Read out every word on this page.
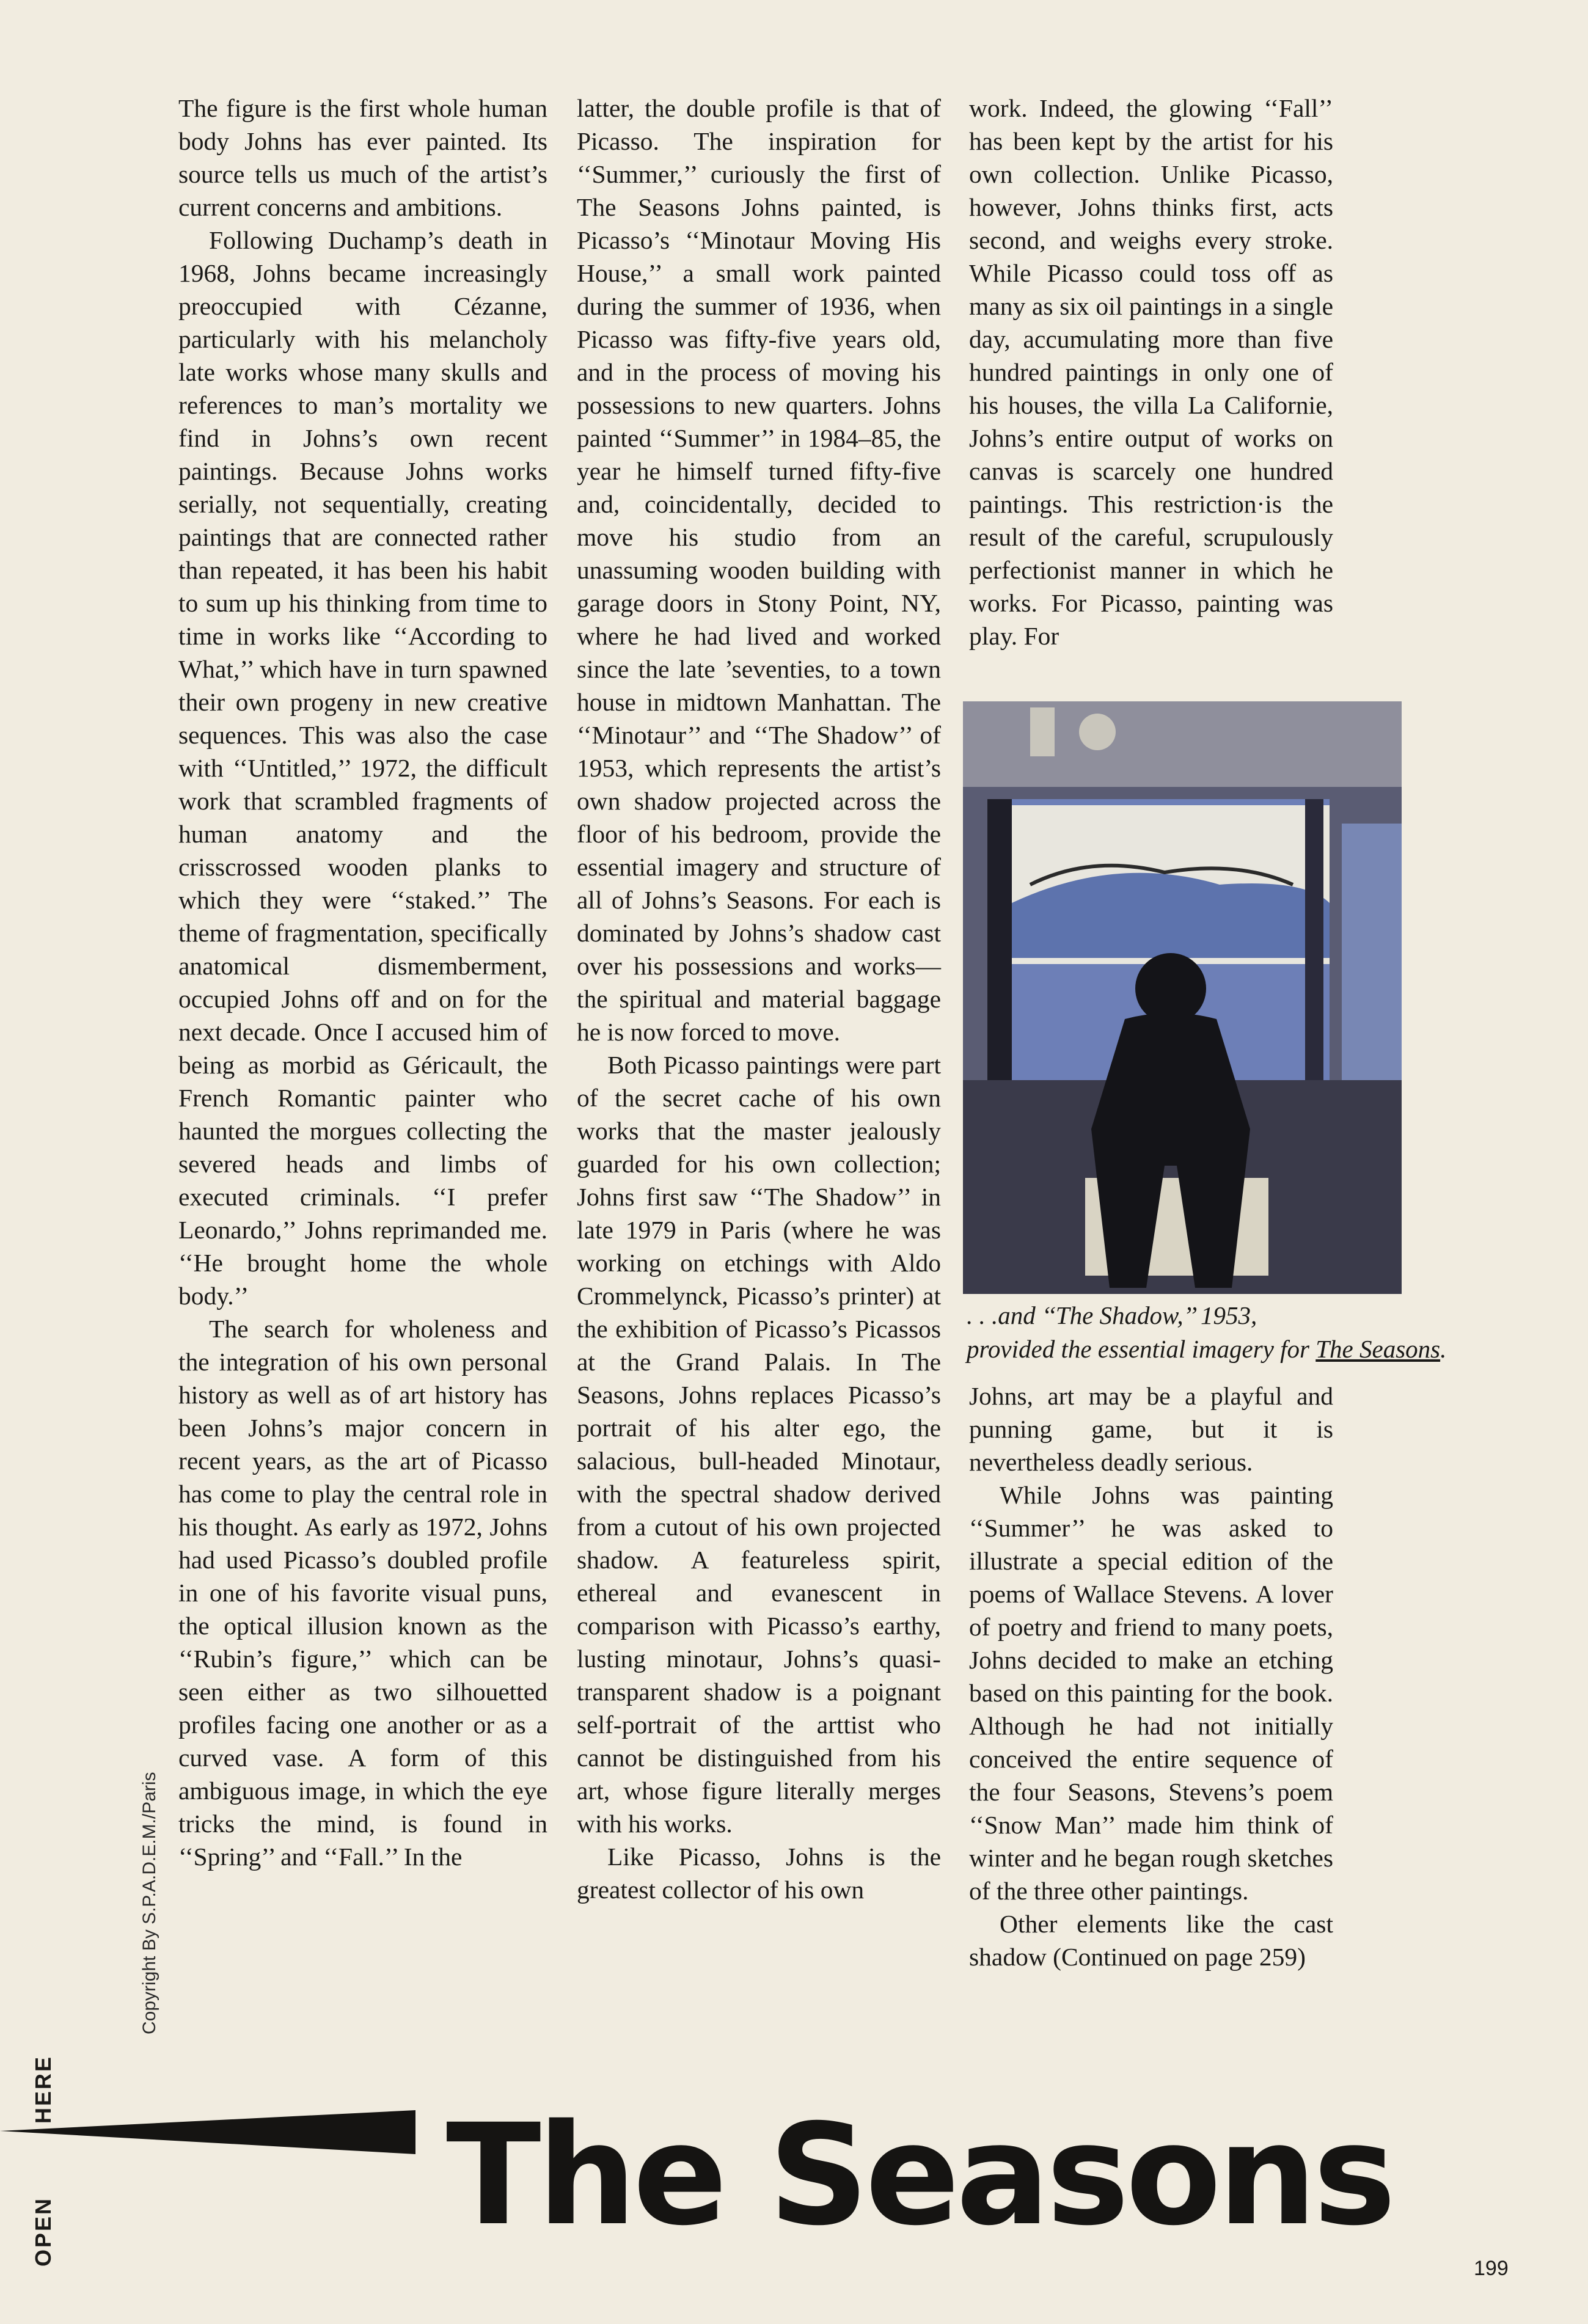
The figure is the first whole human body Johns has ever painted. Its source tells us much of the artist’s current concerns and ambitions.

Following Duchamp’s death in 1968, Johns became increasingly preoccupied with Cézanne, particularly with his melancholy late works whose many skulls and references to man’s mortality we find in Johns’s own recent paintings. Because Johns works serially, not sequentially, creating paintings that are connected rather than repeated, it has been his habit to sum up his thinking from time to time in works like ‘‘According to What,’’ which have in turn spawned their own progeny in new creative sequences. This was also the case with ‘‘Untitled,’’ 1972, the difficult work that scrambled fragments of human anatomy and the crisscrossed wooden planks to which they were ‘‘staked.’’ The theme of fragmentation, specifically anatomical dismemberment, occupied Johns off and on for the next decade. Once I accused him of being as morbid as Géricault, the French Romantic painter who haunted the morgues collecting the severed heads and limbs of executed criminals. ‘‘I prefer Leonardo,’’ Johns reprimanded me. ‘‘He brought home the whole body.’’

The search for wholeness and the integration of his own personal history as well as of art history has been Johns’s major concern in recent years, as the art of Picasso has come to play the central role in his thought. As early as 1972, Johns had used Picasso’s doubled profile in one of his favorite visual puns, the optical illusion known as the ‘‘Rubin’s figure,’’ which can be seen either as two silhouetted profiles facing one another or as a curved vase. A form of this ambiguous image, in which the eye tricks the mind, is found in ‘‘Spring’’ and ‘‘Fall.’’ In the

latter, the double profile is that of Picasso. The inspiration for ‘‘Summer,’’ curiously the first of The Seasons Johns painted, is Picasso’s ‘‘Minotaur Moving His House,’’ a small work painted during the summer of 1936, when Picasso was fifty-five years old, and in the process of moving his possessions to new quarters. Johns painted ‘‘Summer’’ in 1984–85, the year he himself turned fifty-five and, coincidentally, decided to move his studio from an unassuming wooden building with garage doors in Stony Point, NY, where he had lived and worked since the late ’seventies, to a town house in midtown Manhattan. The ‘‘Minotaur’’ and ‘‘The Shadow’’ of 1953, which represents the artist’s own shadow projected across the floor of his bedroom, provide the essential imagery and structure of all of Johns’s Seasons. For each is dominated by Johns’s shadow cast over his possessions and works—the spiritual and material baggage he is now forced to move.

Both Picasso paintings were part of the secret cache of his own works that the master jealously guarded for his own collection; Johns first saw ‘‘The Shadow’’ in late 1979 in Paris (where he was working on etchings with Aldo Crommelynck, Picasso’s printer) at the exhibition of Picasso’s Picassos at the Grand Palais. In The Seasons, Johns replaces Picasso’s portrait of his alter ego, the salacious, bull-headed Minotaur, with the spectral shadow derived from a cutout of his own projected shadow. A featureless spirit, ethereal and evanescent in comparison with Picasso’s earthy, lusting minotaur, Johns’s quasi-transparent shadow is a poignant self-portrait of the arttist who cannot be distinguished from his art, whose figure literally merges with his works.

Like Picasso, Johns is the greatest collector of his own

work. Indeed, the glowing ‘‘Fall’’ has been kept by the artist for his own collection. Unlike Picasso, however, Johns thinks first, acts second, and weighs every stroke. While Picasso could toss off as many as six oil paintings in a single day, accumulating more than five hundred paintings in only one of his houses, the villa La Californie, Johns’s entire output of works on canvas is scarcely one hundred paintings. This restriction·is the result of the careful, scrupulously perfectionist manner in which he works. For Picasso, painting was play. For

. . .and ‘‘The Shadow,’’ 1953,
provided the essential imagery for The Seasons.

Johns, art may be a playful and punning game, but it is nevertheless deadly serious.

While Johns was painting ‘‘Summer’’ he was asked to illustrate a special edition of the poems of Wallace Stevens. A lover of poetry and friend to many poets, Johns decided to make an etching based on this painting for the book. Although he had not initially conceived the entire sequence of the four Seasons, Stevens’s poem ‘‘Snow Man’’ made him think of winter and he began rough sketches of the three other paintings.

Other elements like the cast shadow (Continued on page 259)

Copyright By S.P.A.D.E.M./Paris
OPENHERE
The Seasons
199
